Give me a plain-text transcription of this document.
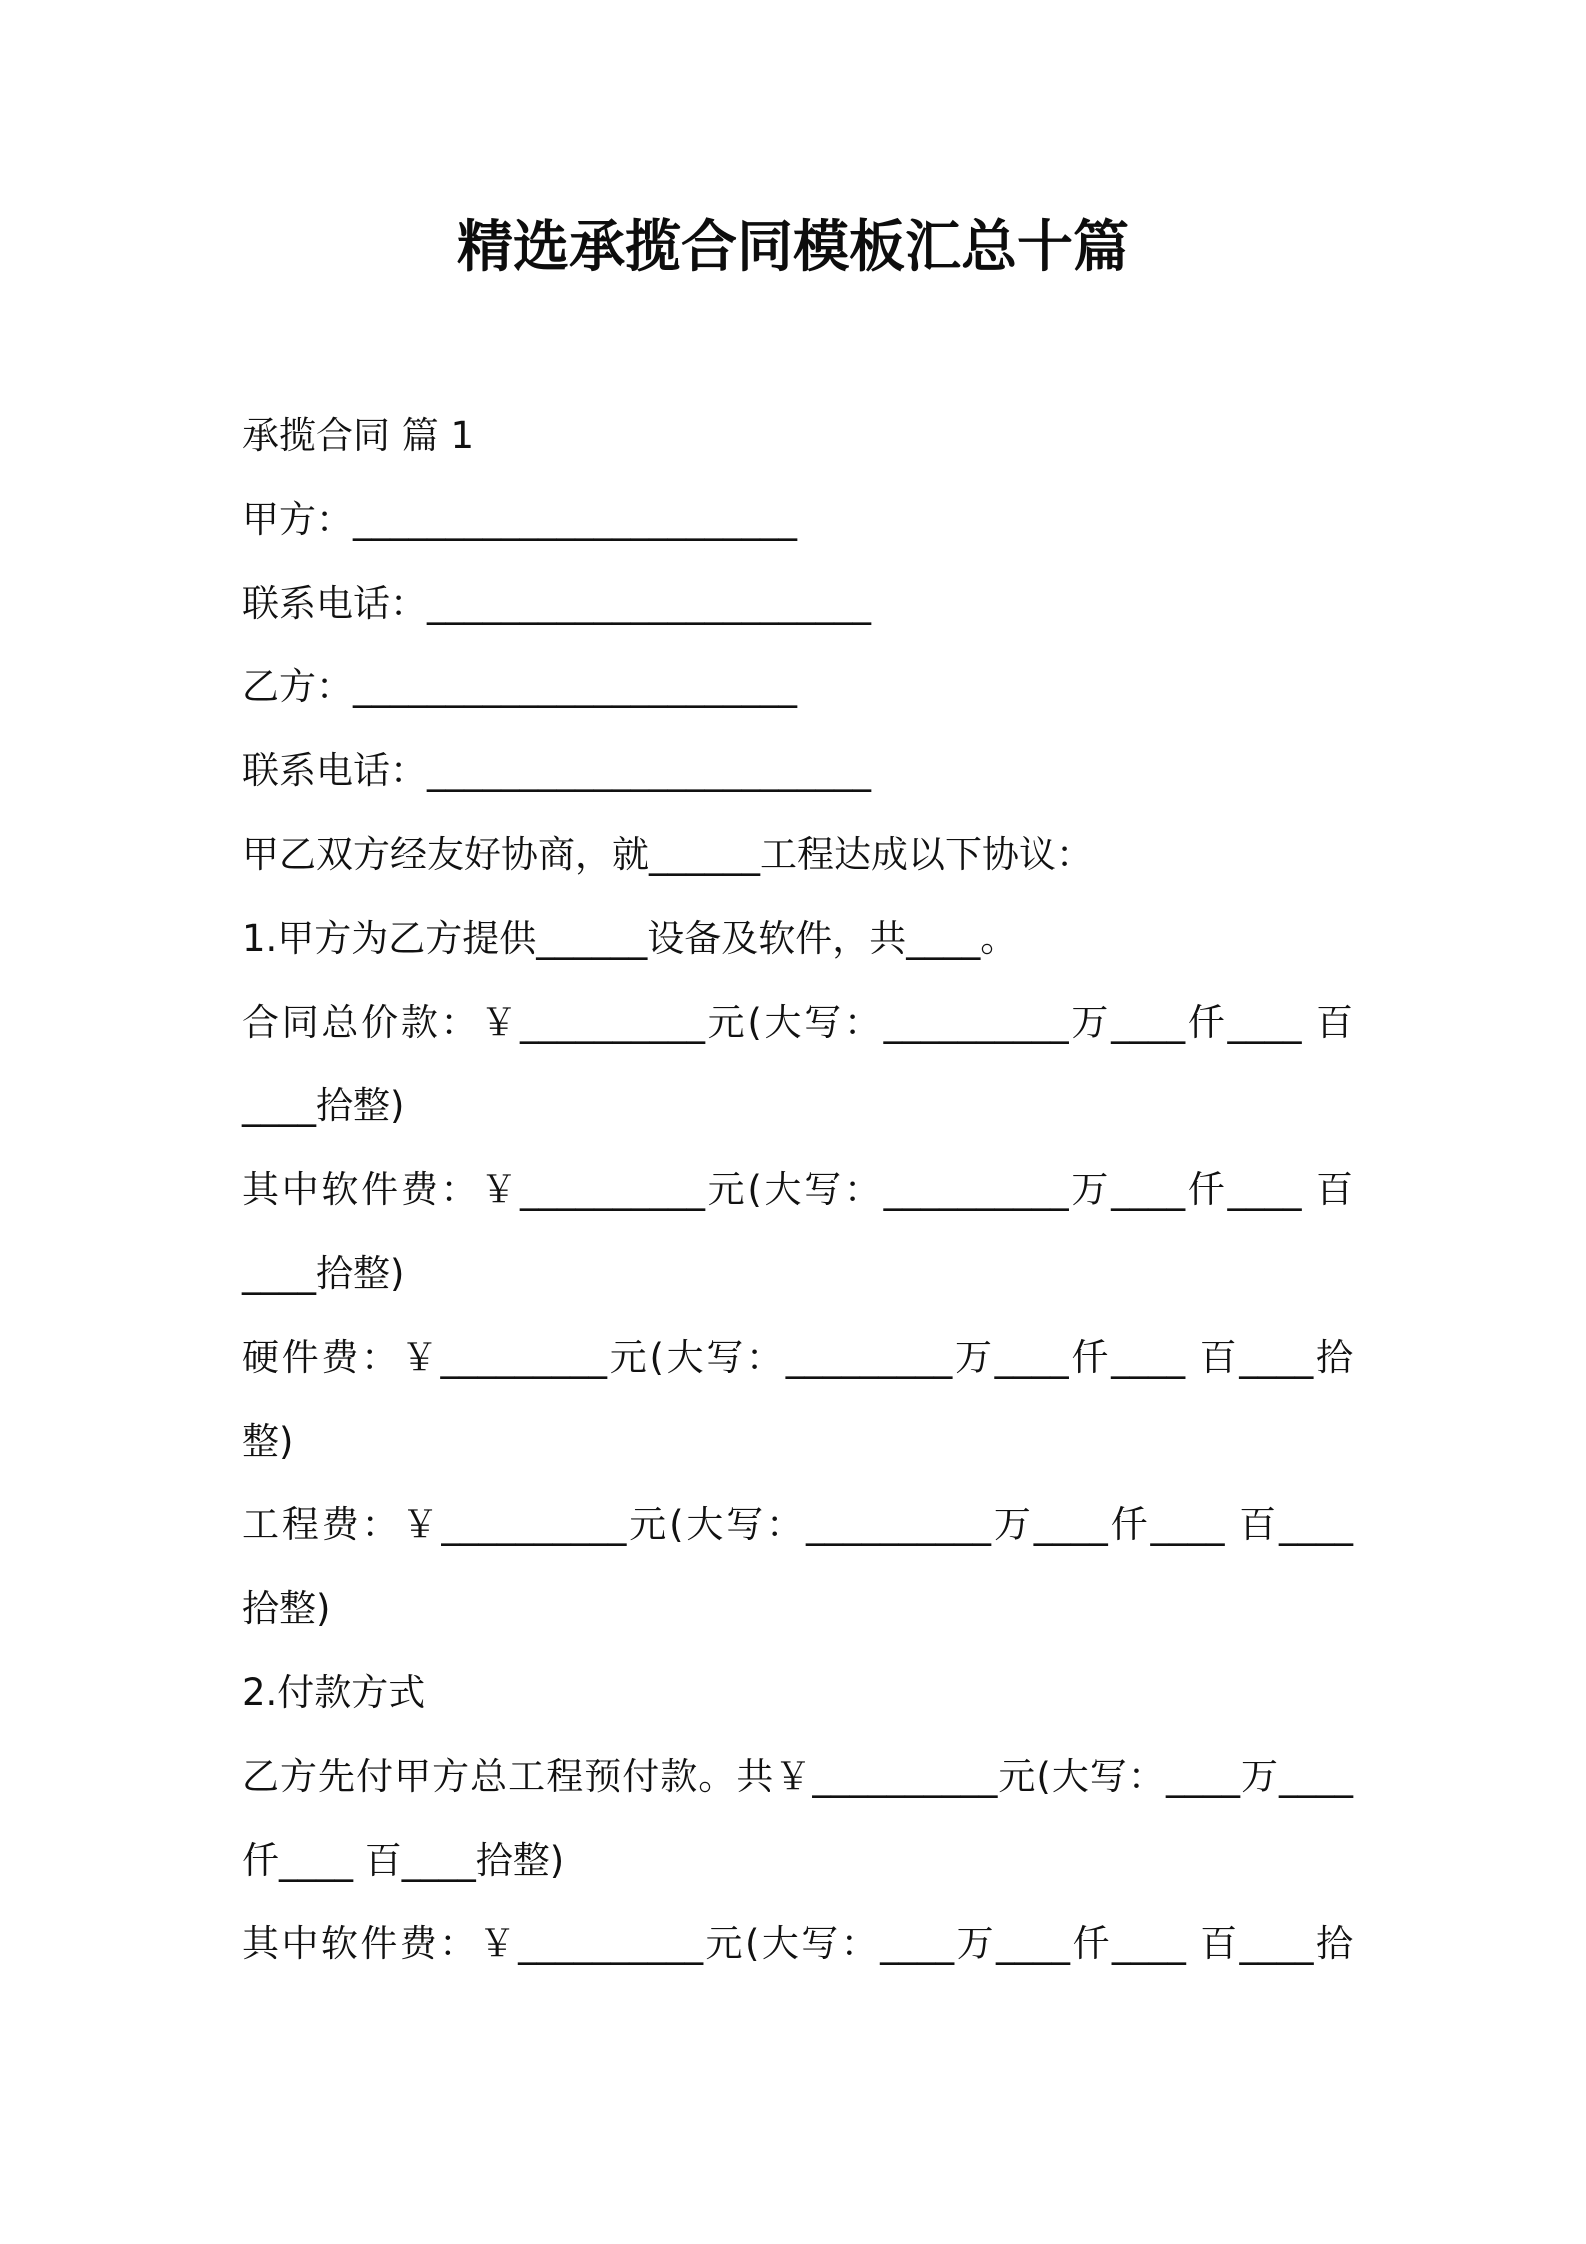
精选承揽合同模板汇总十篇
承揽合同 篇 1
甲方：________________________
联系电话：________________________
乙方：________________________
联系电话：________________________
甲乙双方经友好协商，就______工程达成以下协议：
1.甲方为乙方提供______设备及软件，共____。
合同总价款：￥__________元(大写：__________万____仟____ 百
____拾整)
其中软件费：￥__________元(大写：__________万____仟____ 百
____拾整)
硬件费：￥_________元(大写：_________万____仟____ 百____拾
整)
工程费：￥__________元(大写：__________万____仟____ 百____
拾整)
2.付款方式
乙方先付甲方总工程预付款。共￥__________元(大写：____万____
仟____ 百____拾整)
其中软件费：￥__________元(大写：____万____仟____ 百____拾
